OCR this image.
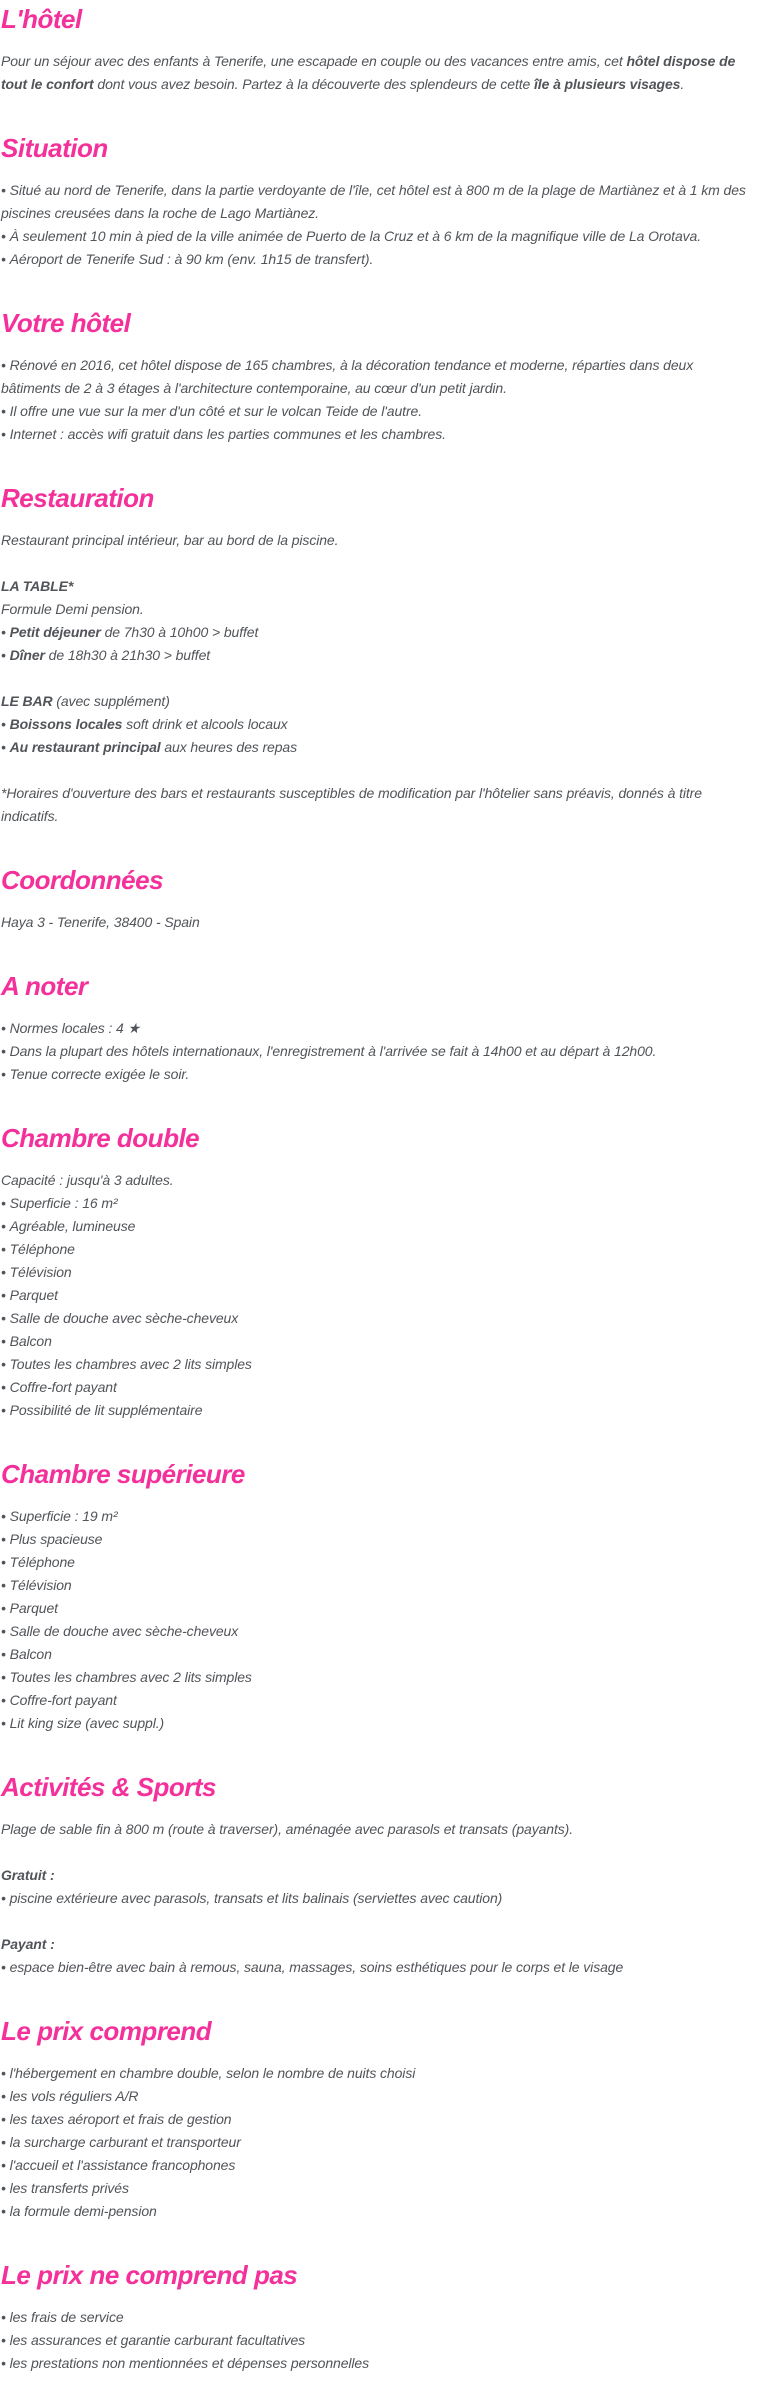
L'hôtel

Pour un séjour avec des enfants à Tenerife, une escapade en couple ou des vacances entre amis, cet hôtel dispose de tout le confort dont vous avez besoin. Partez à la découverte des splendeurs de cette île à plusieurs visages.

Situation
• Situé au nord de Tenerife, dans la partie verdoyante de l'île, cet hôtel est à 800 m de la plage de Martiànez et à 1 km des piscines creusées dans la roche de Lago Martiànez.
• À seulement 10 min à pied de la ville animée de Puerto de la Cruz et à 6 km de la magnifique ville de La Orotava.
• Aéroport de Tenerife Sud : à 90 km (env. 1h15 de transfert).
Votre hôtel
• Rénové en 2016, cet hôtel dispose de 165 chambres, à la décoration tendance et moderne, réparties dans deux bâtiments de 2 à 3 étages à l'architecture contemporaine, au cœur d'un petit jardin.
• Il offre une vue sur la mer d'un côté et sur le volcan Teide de l'autre.
• Internet : accès wifi gratuit dans les parties communes et les chambres.
Restauration

Restaurant principal intérieur, bar au bord de la piscine.

LA TABLE*

Formule Demi pension.

• Petit déjeuner de 7h30 à 10h00 > buffet
• Dîner de 18h30 à 21h30 > buffet

LE BAR (avec supplément)

• Boissons locales soft drink et alcools locaux
• Au restaurant principal aux heures des repas

*Horaires d'ouverture des bars et restaurants susceptibles de modification par l'hôtelier sans préavis, donnés à titre indicatifs.

Coordonnées

Haya 3 - Tenerife, 38400 - Spain

A noter
• Normes locales : 4 ★
• Dans la plupart des hôtels internationaux, l'enregistrement à l'arrivée se fait à 14h00 et au départ à 12h00.
• Tenue correcte exigée le soir.
Chambre double

Capacité : jusqu'à 3 adultes.

• Superficie : 16 m²
• Agréable, lumineuse
• Téléphone
• Télévision
• Parquet
• Salle de douche avec sèche-cheveux
• Balcon
• Toutes les chambres avec 2 lits simples
• Coffre-fort payant
• Possibilité de lit supplémentaire
Chambre supérieure
• Superficie : 19 m²
• Plus spacieuse
• Téléphone
• Télévision
• Parquet
• Salle de douche avec sèche-cheveux
• Balcon
• Toutes les chambres avec 2 lits simples
• Coffre-fort payant
• Lit king size (avec suppl.)
Activités & Sports

Plage de sable fin à 800 m (route à traverser), aménagée avec parasols et transats (payants).

Gratuit :

• piscine extérieure avec parasols, transats et lits balinais (serviettes avec caution)

Payant :

• espace bien-être avec bain à remous, sauna, massages, soins esthétiques pour le corps et le visage
Le prix comprend
• l'hébergement en chambre double, selon le nombre de nuits choisi
• les vols réguliers A/R
• les taxes aéroport et frais de gestion
• la surcharge carburant et transporteur
• l'accueil et l'assistance francophones
• les transferts privés
• la formule demi-pension
Le prix ne comprend pas
• les frais de service
• les assurances et garantie carburant facultatives
• les prestations non mentionnées et dépenses personnelles
